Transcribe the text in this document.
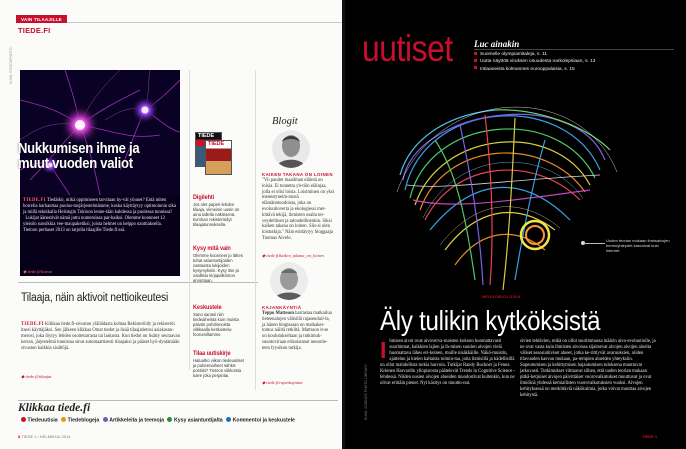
TIEDE.FI
KUVA: ISTOCKPHOTO
VAIN TILAAJILLE
Nukkumisen ihme ja muut vuoden valiot

TIEDE.FI Tiedätkö, mikä oppimiseen tarvitaan hy-vät yöunet? Entä miten borrelia harhauttaa puolus-tusjärjestelmämme, koska käyttäytyy optimoinnin sika ja millä teknikalla Helsingin Tokioon lenne-tään kahdessa ja puolessa tunnissa?

Lukijat äänestivät nämä juttu numeroissa par-haiksi. Olemme koonneet 12 yleisön suosikkia vee-maupaketiksi, joista helmet on helppo nauttiaksella. Tietoon perhaset 2013 on tarjolla tilaajille Tiede.fi:ssä.

◆ tiede.fi/tiomat
Tilaaja, näin aktivoit nettioikeutesi
TIEDE.FI Klikkaa tiede.fi-sivuston yläläidasta kohtaa Rekisteröidy ja rekisteröi itsesi käyttäjäksi. Sen jälkeen klikkaa Omat tiedot ja lisää tilaajatietosi asiakasnu-merosi, joka löytyy lehden osoitetarrasta tai laskusta. Kun tiedot on lisätty seuraavan kerran, järjestelmä tunnistaa sinut automaattisesti tilaajaksi ja pääset hyö-dyntämään sivuston kaikkia sisältöjä.
◆ tiede.fi/tilaajat
TIEDE
TIEDE
Digilehti
Jos olet paperi-lehden tilaaja, viimeisin uusin on aina tallella näköisenä, kumhan rekisteröidyt tilaajatunnuksella.
Kysy mitä vain
Olemme koonneet jo lähes tuhat asiantuntijoiden vastausta lukijoiden kysymyksiin. Kysy itse ja osallistu kirjapalkinnon arvontaan.
Keskustele
Sano sanasi niin tiedeaiheista kuin muista päivän pohdinnoista vilkkaalla keskustelu-foorumillamme.
Tilaa uutiskirje
Haluatko viikon tiedeuutiset ja puheenaiheet sähkö-postiisi? Tietoon viikkoista tulee joka perjantai.
Blogit
KAIKEN TAKANA ON LOINEN
"Vii pauitet maailman eläintä on loisia. Ei tunnetta yh-tiön eläinjaa, jolla ei olisi loisia. Loisiminen on yksi menestyneim-mistä elämänmuodoista, joka on evoluutioverta ja ekologiessi mer-kittävä tekijä, ihmisten osalta ter-veydellinen ja taloudellinenkin. Siksi kaiken takana on loinen. Siis-si olen loistutkija." Näin esittäytyy bloggaaja Tuomas Aivelo.
◆ tiede.fi/kaiken_takana_on_loinen
KAJANKÄYNTIÄ
Teppo Mattsson harrastaa matkailua tieteenalojen välisillä rajaseuduil-la, ja hänen blogissaan on matkaker-tomus näiltä retkiltä. Mattsson it-se on koulutukseltaan ja tutkimuk-suuntoviraan erikoistanut neurotie-teen fyysikon tutkija.
◆ tiede.fi/rajankaynttia
Klikkaa tiede.fi
Tiedeuutisia Tiedeblogeja Artikkeleita ja teemoja Kysy asiantuntijalta Kommentoi ja keskustele
8 TIEDE 1 / HELMIKUU 2014
uutiset Luc ainakin
Suomelle olympiamitaleja, s. 11
Uutta näyttöä viruksen osuudesta narkolepsiaan, s. 13
Intiaaneista kolmannes eurooppalaisia, s. 15
Uuden teorian mukaan ihmisaivojen hermoyhteydet kasvoivat kuin internet.
NEUROBIOLOGIA
Äly tulikin kytköksistä
Ihmisen aivot ovat aivoverva-maisten kokoon huomattavasti suurimmat, kaikkien lajien ja ih-misen suurien aivojen vielä huomattava lähes eri-koinen, muille nisäkkäille. Näkö-muistin, ajattelun ja kielen kaltaista toimin-taa, joita ihmisillä ja kädellisillä on ollut mahdollista tutkia harvoin. Tutkijat Randy Buckner ja Fenna Krienen Harvardin yliopistosta päätelevät Trends in Cognitive Science -lehdessä. Niiden uusien aivojen alueiden muodostivat kuitenkin, kun ne olivat erittäin pienet. Nyt käsitys on muuttu-nut.
sivien tehtävien, mikä on ollut suurimmassa määrin aivo-evoluutiolle, ja ne ovat vasta kuin ihmisten aivoissa sijaitsevat aivojen aivojen alueita väliset assosiatiiviset alueet, jotka ke-rittiyvät avaruuksien, niiden tilavuuden kasvun mukaan, pa-rempien alueiden yhteyksiin. Sopeutumisen ja kehittymisen hajautumisen tuloksena muuttuvat jatkuvasti. Tutkimukset viittaavat siihen, että uuden teorian mukaan pitkä-ketjuiset aivojen päivittäiset vuorovaikutukset muuttuvat ja ovat ilmiöinä yhdessä kemiallisten vuorovaikutuksien vuoksi. Aivojen kehityksessä on merkittäviä näkökulmia, jotka voivat muuttaa aivojen kehitystä.
KUVA: SCIENCE PHOTO LIBRARY
TIEDE 1
